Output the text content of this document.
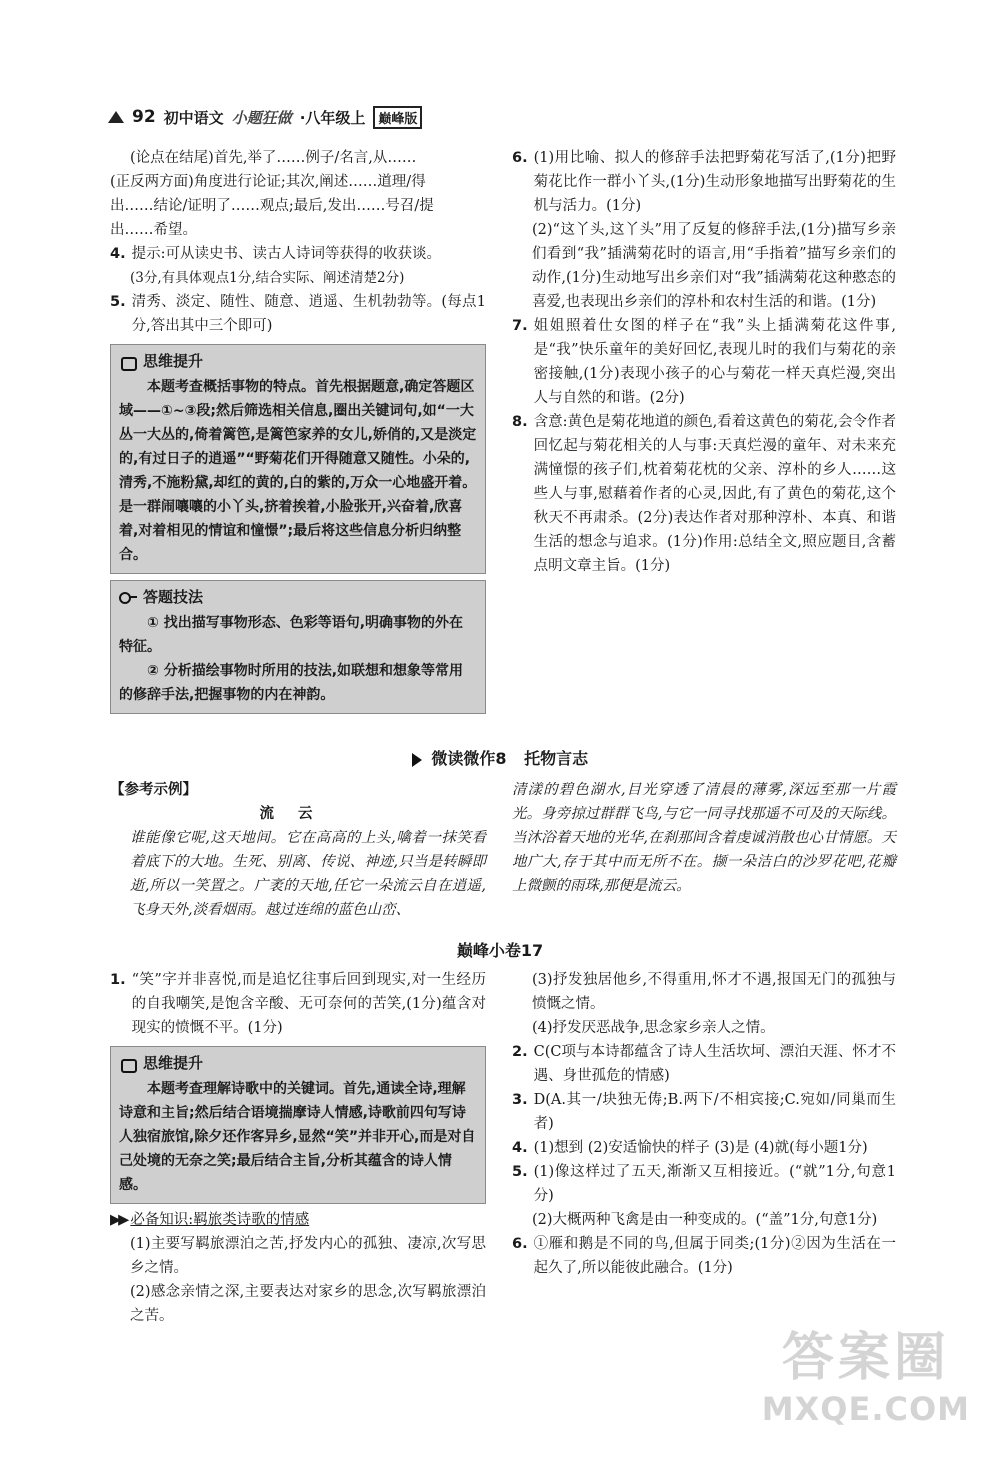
92 初中语文 小题狂做 ·八年级上	巅峰版

(论点在结尾)首先,举了……例子/名言,从……

(正反两方面)角度进行论证;其次,阐述……道理/得

出……结论/证明了……观点;最后,发出……号召/提

出……希望。

4. 提示:可从读史书、读古人诗词等获得的收获谈。

(3分,有具体观点1分,结合实际、阐述清楚2分)

5. 清秀、淡定、随性、随意、逍遥、生机勃勃等。(每点1分,答出其中三个即可)
思维提升
本题考查概括事物的特点。首先根据题意,确定答题区域——①~③段;然后筛选相关信息,圈出关键词句,如“一大丛一大丛的,倚着篱笆,是篱笆家养的女儿,娇俏的,又是淡定的,有过日子的逍遥”“野菊花们开得随意又随性。小朵的,清秀,不施粉黛,却红的黄的,白的紫的,万众一心地盛开着。是一群闹嚷嚷的小丫头,挤着挨着,小脸张开,兴奋着,欣喜着,对着相见的情谊和憧憬”;最后将这些信息分析归纳整合。
答题技法
① 找出描写事物形态、色彩等语句,明确事物的外在特征。
② 分析描绘事物时所用的技法,如联想和想象等常用的修辞手法,把握事物的内在神韵。
6. (1)用比喻、拟人的修辞手法把野菊花写活了,(1分)把野菊花比作一群小丫头,(1分)生动形象地描写出野菊花的生机与活力。(1分)

(2)“这丫头,这丫头”用了反复的修辞手法,(1分)描写乡亲们看到“我”插满菊花时的语言,用“手指着”描写乡亲们的动作,(1分)生动地写出乡亲们对“我”插满菊花这种憨态的喜爱,也表现出乡亲们的淳朴和农村生活的和谐。(1分)

7. 姐姐照着仕女图的样子在“我”头上插满菊花这件事,是“我”快乐童年的美好回忆,表现儿时的我们与菊花的亲密接触,(1分)表现小孩子的心与菊花一样天真烂漫,突出人与自然的和谐。(2分)
8. 含意:黄色是菊花地道的颜色,看着这黄色的菊花,会令作者回忆起与菊花相关的人与事:天真烂漫的童年、对未来充满憧憬的孩子们,枕着菊花枕的父亲、淳朴的乡人……这些人与事,慰藉着作者的心灵,因此,有了黄色的菊花,这个秋天不再肃杀。(2分)表达作者对那种淳朴、本真、和谐生活的想念与追求。(1分)作用:总结全文,照应题目,含蓄点明文章主旨。(1分)
微读微作8 托物言志
【参考示例】
流云

谁能像它呢,这天地间。它在高高的上头,噙着一抹笑看着底下的大地。生死、别离、传说、神迹,只当是转瞬即逝,所以一笑置之。广袤的天地,任它一朵流云自在逍遥,飞身天外,淡看烟雨。越过连绵的蓝色山峦、

清漾的碧色湖水,目光穿透了清晨的薄雾,深远至那一片霞光。身旁掠过群群飞鸟,与它一同寻找那遥不可及的天际线。当沐浴着天地的光华,在刹那间含着虔诚消散也心甘情愿。天地广大,存于其中而无所不在。撷一朵洁白的沙罗花吧,花瓣上微颤的雨珠,那便是流云。

巅峰小卷17
1. “笑”字并非喜悦,而是追忆往事后回到现实,对一生经历的自我嘲笑,是饱含辛酸、无可奈何的苦笑,(1分)蕴含对现实的愤慨不平。(1分)
思维提升
本题考查理解诗歌中的关键词。首先,通读全诗,理解诗意和主旨;然后结合语境揣摩诗人情感,诗歌前四句写诗人独宿旅馆,除夕还作客异乡,显然“笑”并非开心,而是对自己处境的无奈之笑;最后结合主旨,分析其蕴含的诗人情感。
▶▶ 必备知识:羁旅类诗歌的情感

(1)主要写羁旅漂泊之苦,抒发内心的孤独、凄凉,次写思乡之情。

(2)感念亲情之深,主要表达对家乡的思念,次写羁旅漂泊之苦。

(3)抒发独居他乡,不得重用,怀才不遇,报国无门的孤独与愤慨之情。

(4)抒发厌恶战争,思念家乡亲人之情。

2. C(C项与本诗都蕴含了诗人生活坎坷、漂泊天涯、怀才不遇、身世孤危的情感)
3. D(A.其一/块独无俦;B.两下/不相宾接;C.宛如/同巢而生者)
4. (1)想到 (2)安适愉快的样子 (3)是 (4)就(每小题1分)
5. (1)像这样过了五天,渐渐又互相接近。(“就”1分,句意1分)

(2)大概两种飞禽是由一种变成的。(“盖”1分,句意1分)

6. ①雁和鹅是不同的鸟,但属于同类;(1分)②因为生活在一起久了,所以能彼此融合。(1分)
答案圈
MXQE.COM
